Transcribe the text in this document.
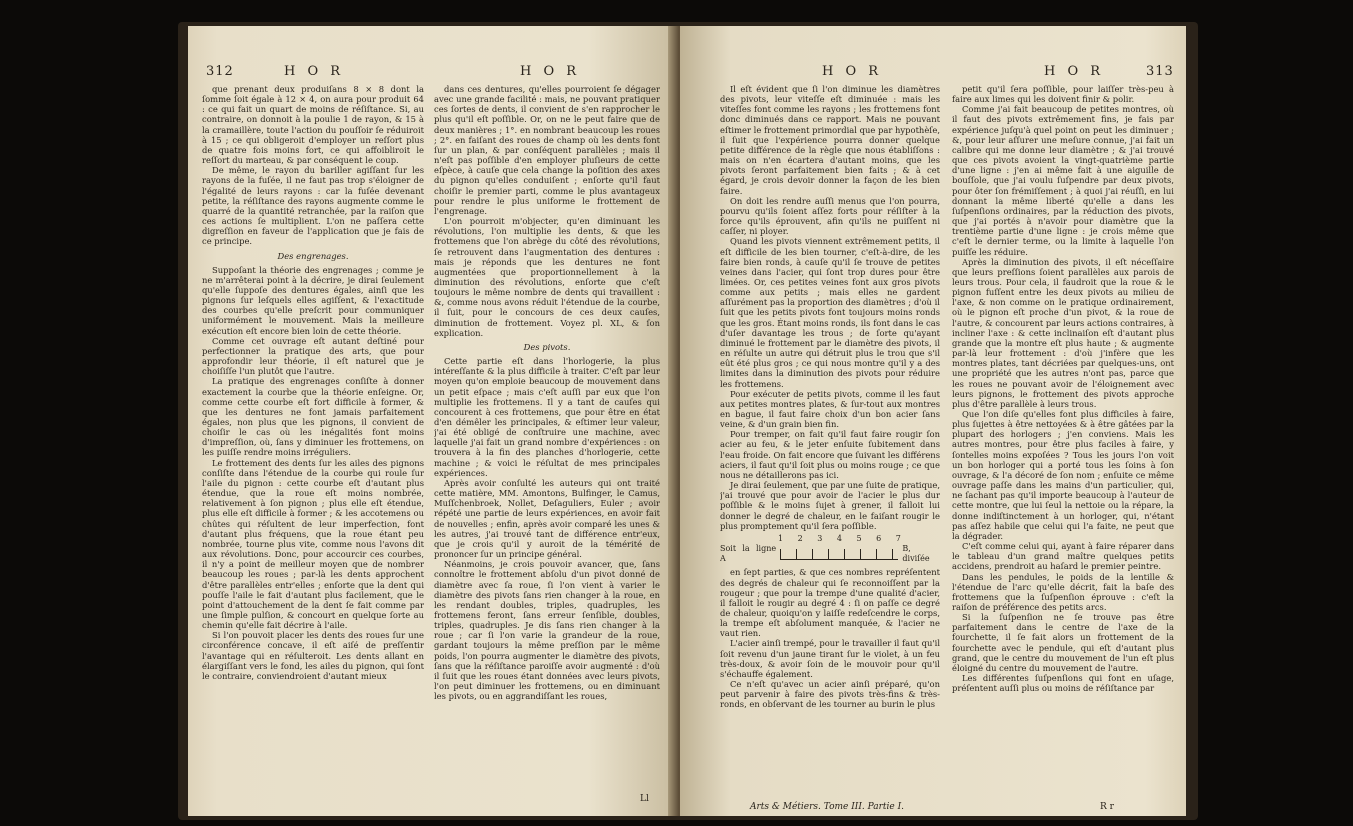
312	H O R	H O R

que prenant deux produiſans 8 × 8 dont la ſomme ſoit égale à 12 × 4, on aura pour produit 64 : ce qui fait un quart de moins de réſiſtance. Si, au contraire, on donnoit à la poulie 1 de rayon, & 15 à la cramaillère, toute l'action du pouſſoir ſe réduiroit à 15 ; ce qui obligeroit d'employer un reſſort plus de quatre fois moins fort, ce qui affoibliroit le reſſort du marteau, & par conséquent le coup.

De même, le rayon du bariller agiſſant ſur les rayons de la fuſée, il ne faut pas trop s'éloigner de l'égalité de leurs rayons : car la fuſée devenant petite, la réſiſtance des rayons augmente comme le quarré de la quantité retranchée, par la raiſon que ces actions ſe multiplient. L'on ne paſſera cette digreſſion en faveur de l'application que je fais de ce principe.

Des engrenages.

Suppoſant la théorie des engrenages ; comme je ne m'arrêterai point à la décrire, je dirai ſeulement qu'elle ſuppoſe des dentures égales, ainſi que les pignons ſur leſquels elles agiſſent, & l'exactitude des courbes qu'elle preſcrit pour communiquer uniformément le mouvement. Mais la meilleure exécution eſt encore bien loin de cette théorie.

Comme cet ouvrage eſt autant deſtiné pour perfectionner la pratique des arts, que pour approfondir leur théorie, il eſt naturel que je choiſiſſe l'un plutôt que l'autre.

La pratique des engrenages conſiſte à donner exactement la courbe que la théorie enſeigne. Or, comme cette courbe eſt fort difficile à former, & que les dentures ne font jamais parfaitement égales, non plus que les pignons, il convient de choiſir le cas où les inégalités font moins d'impreſſion, où, ſans y diminuer les frottemens, on les puiſſe rendre moins irréguliers.

Le frottement des dents ſur les ailes des pignons conſiſte dans l'étendue de la courbe qui roule ſur l'aile du pignon : cette courbe eſt d'autant plus étendue, que la roue eſt moins nombrée, relativement à ſon pignon ; plus elle eſt étendue, plus elle eſt difficile à former ; & les accotemens ou chûtes qui réſultent de leur imperfection, font d'autant plus fréquens, que la roue étant peu nombrée, tourne plus vite, comme nous l'avons dit aux révolutions. Donc, pour accourcir ces courbes, il n'y a point de meilleur moyen que de nombrer beaucoup les roues ; par-là les dents approchent d'être parallèles entr'elles ; enſorte que la dent qui pouſſe l'aile le fait d'autant plus facilement, que le point d'attouchement de la dent ſe fait comme par une ſimple pulſion, & concourt en quelque ſorte au chemin qu'elle fait décrire à l'aile.

Si l'on pouvoit placer les dents des roues ſur une circonférence concave, il eſt aiſé de preſſentir l'avantage qui en réſulteroit. Les dents allant en élargiſſant vers le fond, les ailes du pignon, qui ſont le contraire, conviendroient d'autant mieux

dans ces dentures, qu'elles pourroient ſe dégager avec une grande facilité : mais, ne pouvant pratiquer ces ſortes de dents, il convient de s'en rapprocher le plus qu'il eſt poſſible. Or, on ne le peut faire que de deux manières ; 1°. en nombrant beaucoup les roues ; 2°. en faiſant des roues de champ où les dents font ſur un plan, & par conſéquent parallèles ; mais il n'eſt pas poſſible d'en employer pluſieurs de cette eſpèce, à cauſe que cela change la poſition des axes du pignon qu'elles conduiſent ; enſorte qu'il faut choiſir le premier parti, comme le plus avantageux pour rendre le plus uniforme le frottement de l'engrenage.

L'on pourroit m'objecter, qu'en diminuant les révolutions, l'on multiplie les dents, & que les frottemens que l'on abrège du côté des révolutions, ſe retrouvent dans l'augmentation des dentures : mais je réponds que les dentures ne font augmentées que proportionnellement à la diminution des révolutions, enſorte que c'eſt toujours le même nombre de dents qui travaillent : &, comme nous avons réduit l'étendue de la courbe, il ſuit, pour le concours de ces deux cauſes, diminution de frottement. Voyez pl. XL, & ſon explication.

Des pivots.

Cette partie eſt dans l'horlogerie, la plus intéreſſante & la plus difficile à traiter. C'eſt par leur moyen qu'on emploie beaucoup de mouvement dans un petit eſpace ; mais c'eſt auſſi par eux que l'on multiplie les frottemens. Il y a tant de cauſes qui concourent à ces frottemens, que pour être en état d'en démêler les principales, & eſtimer leur valeur, j'ai été obligé de conſtruire une machine, avec laquelle j'ai fait un grand nombre d'expériences : on trouvera à la fin des planches d'horlogerie, cette machine ; & voici le réſultat de mes principales expériences.

Après avoir conſulté les auteurs qui ont traité cette matière, MM. Amontons, Bulfinger, le Camus, Muſſchenbroek, Nollet, Deſaguliers, Euler ; avoir répété une partie de leurs expériences, en avoir fait de nouvelles ; enfin, après avoir comparé les unes & les autres, j'ai trouvé tant de différence entr'eux, que je crois qu'il y auroit de la témérité de prononcer ſur un principe général.

Néanmoins, je crois pouvoir avancer, que, ſans connoître le frottement abſolu d'un pivot donné de diamètre avec ſa roue, ſi l'on vient à varier le diamètre des pivots ſans rien changer à la roue, en les rendant doubles, triples, quadruples, les frottemens feront, ſans erreur ſenſible, doubles, triples, quadruples. Je dis ſans rien changer à la roue ; car ſi l'on varie la grandeur de la roue, gardant toujours la même preſſion par le même poids, l'on pourra augmenter le diamètre des pivots, ſans que la réſiſtance paroiſſe avoir augmenté : d'où il ſuit que les roues étant données avec leurs pivots, l'on peut diminuer les frottemens, ou en diminuant les pivots, ou en aggrandiſſant les roues,

Ll
H O R	H O R	313

Il eſt évident que ſi l'on diminue les diamètres des pivots, leur viteſſe eſt diminuée : mais les viteſſes font comme les rayons ; les frottemens font donc diminués dans ce rapport. Mais ne pouvant eſtimer le frottement primordial que par hypothèſe, il ſuit que l'expérience pourra donner quelque petite différence de la règle que nous établiſſons : mais on n'en écartera d'autant moins, que les pivots ſeront parfaitement bien faits ; & à cet égard, je crois devoir donner la façon de les bien faire.

On doit les rendre auſſi menus que l'on pourra, pourvu qu'ils ſoient aſſez forts pour réſiſter à la force qu'ils éprouvent, afin qu'ils ne puiſſent ni caſſer, ni ployer.

Quand les pivots viennent extrêmement petits, il eſt difficile de les bien tourner, c'eſt-à-dire, de les faire bien ronds, à cauſe qu'il ſe trouve de petites veines dans l'acier, qui ſont trop dures pour être limées. Or, ces petites veines font aux gros pivots comme aux petits ; mais elles ne gardent aſſurément pas la proportion des diamètres ; d'où il ſuit que les petits pivots font toujours moins ronds que les gros. Étant moins ronds, ils font dans le cas d'uſer davantage les trous ; de ſorte qu'ayant diminué le frottement par le diamètre des pivots, il en réſulte un autre qui détruit plus le trou que s'il eût été plus gros ; ce qui nous montre qu'il y a des limites dans la diminution des pivots pour réduire les frottemens.

Pour exécuter de petits pivots, comme il les faut aux petites montres plates, & ſur-tout aux montres en bague, il faut faire choix d'un bon acier ſans veine, & d'un grain bien fin.

Pour tremper, on fait qu'il faut faire rougir ſon acier au feu, & le jeter enſuite ſubitement dans l'eau froide. On fait encore que ſuivant les différens aciers, il faut qu'il ſoit plus ou moins rouge ; ce que nous ne détaillerons pas ici.

Je dirai ſeulement, que par une ſuite de pratique, j'ai trouvé que pour avoir de l'acier le plus dur poſſible & le moins ſujet à grener, il falloit lui donner le degré de chaleur, en le faiſant rougir le plus promptement qu'il ſera poſſible.

1 2 3 4 5 6 7
Soit la ligne A
B, diviſée

en ſept parties, & que ces nombres repréſentent des degrés de chaleur qui ſe reconnoiſſent par la rougeur ; que pour la trempe d'une qualité d'acier, il falloit le rougir au degré 4 : ſi on paſſe ce degré de chaleur, quoiqu'on y laiſſe redeſcendre le corps, la trempe eſt abſolument manquée, & l'acier ne vaut rien.

L'acier ainſi trempé, pour le travailler il faut qu'il ſoit revenu d'un jaune tirant ſur le violet, à un feu très-doux, & avoir ſoin de le mouvoir pour qu'il s'échauffe également.

Ce n'eſt qu'avec un acier ainſi préparé, qu'on peut parvenir à faire des pivots très-fins & très-ronds, en obſervant de les tourner au burin le plus

petit qu'il ſera poſſible, pour laiſſer très-peu à faire aux limes qui les doivent finir & polir.

Comme j'ai fait beaucoup de petites montres, où il faut des pivots extrêmement fins, je fais par expérience juſqu'à quel point on peut les diminuer ; &, pour leur aſſurer une meſure connue, j'ai fait un calibre qui me donne leur diamètre ; & j'ai trouvé que ces pivots avoient la vingt-quatrième partie d'une ligne : j'en ai même fait à une aiguille de bouſſole, que j'ai voulu ſuſpendre par deux pivots, pour ôter ſon frémiſſement ; à quoi j'ai réuſſi, en lui donnant la même liberté qu'elle a dans les ſuſpenſions ordinaires, par la réduction des pivots, que j'ai portés à n'avoir pour diamètre que la trentième partie d'une ligne : je crois même que c'eſt le dernier terme, ou la limite à laquelle l'on puiſſe les réduire.

Après la diminution des pivots, il eſt néceſſaire que leurs preſſions ſoient parallèles aux parois de leurs trous. Pour cela, il faudroit que la roue & le pignon fuſſent entre les deux pivots au milieu de l'axe, & non comme on le pratique ordinairement, où le pignon eſt proche d'un pivot, & la roue de l'autre, & concourent par leurs actions contraires, à incliner l'axe : & cette inclinaiſon eſt d'autant plus grande que la montre eſt plus haute ; & augmente par-là leur frottement : d'où j'infère que les montres plates, tant décriées par quelques-uns, ont une propriété que les autres n'ont pas, parce que les roues ne pouvant avoir de l'éloignement avec leurs pignons, le frottement des pivots approche plus d'être parallèle à leurs trous.

Que l'on diſe qu'elles font plus difficiles à faire, plus ſujettes à être nettoyées & à être gâtées par la plupart des horlogers ; j'en conviens. Mais les autres montres, pour être plus faciles à faire, y ſontelles moins expoſées ? Tous les jours l'on voit un bon horloger qui a porté tous les ſoins à ſon ouvrage, & l'a décoré de ſon nom ; enſuite ce même ouvrage paſſe dans les mains d'un particulier, qui, ne ſachant pas qu'il importe beaucoup à l'auteur de cette montre, que lui ſeul la nettoie ou la répare, la donne indiſtinctement à un horloger, qui, n'étant pas aſſez habile que celui qui l'a faite, ne peut que la dégrader.

C'eſt comme celui qui, ayant à faire réparer dans le tableau d'un grand maître quelques petits accidens, prendroit au haſard le premier peintre.

Dans les pendules, le poids de la lentille & l'étendue de l'arc qu'elle décrit, fait la baſe des frottemens que la ſuſpenſion éprouve : c'eſt la raiſon de préférence des petits arcs.

Si la ſuſpenſion ne ſe trouve pas être parfaitement dans le centre de l'axe de la fourchette, il ſe fait alors un frottement de la fourchette avec le pendule, qui eſt d'autant plus grand, que le centre du mouvement de l'un eſt plus éloigné du centre du mouvement de l'autre.

Les différentes ſuſpenſions qui font en uſage, préſentent auſſi plus ou moins de réſiſtance par

Arts & Métiers. Tome III. Partie I.	R r
